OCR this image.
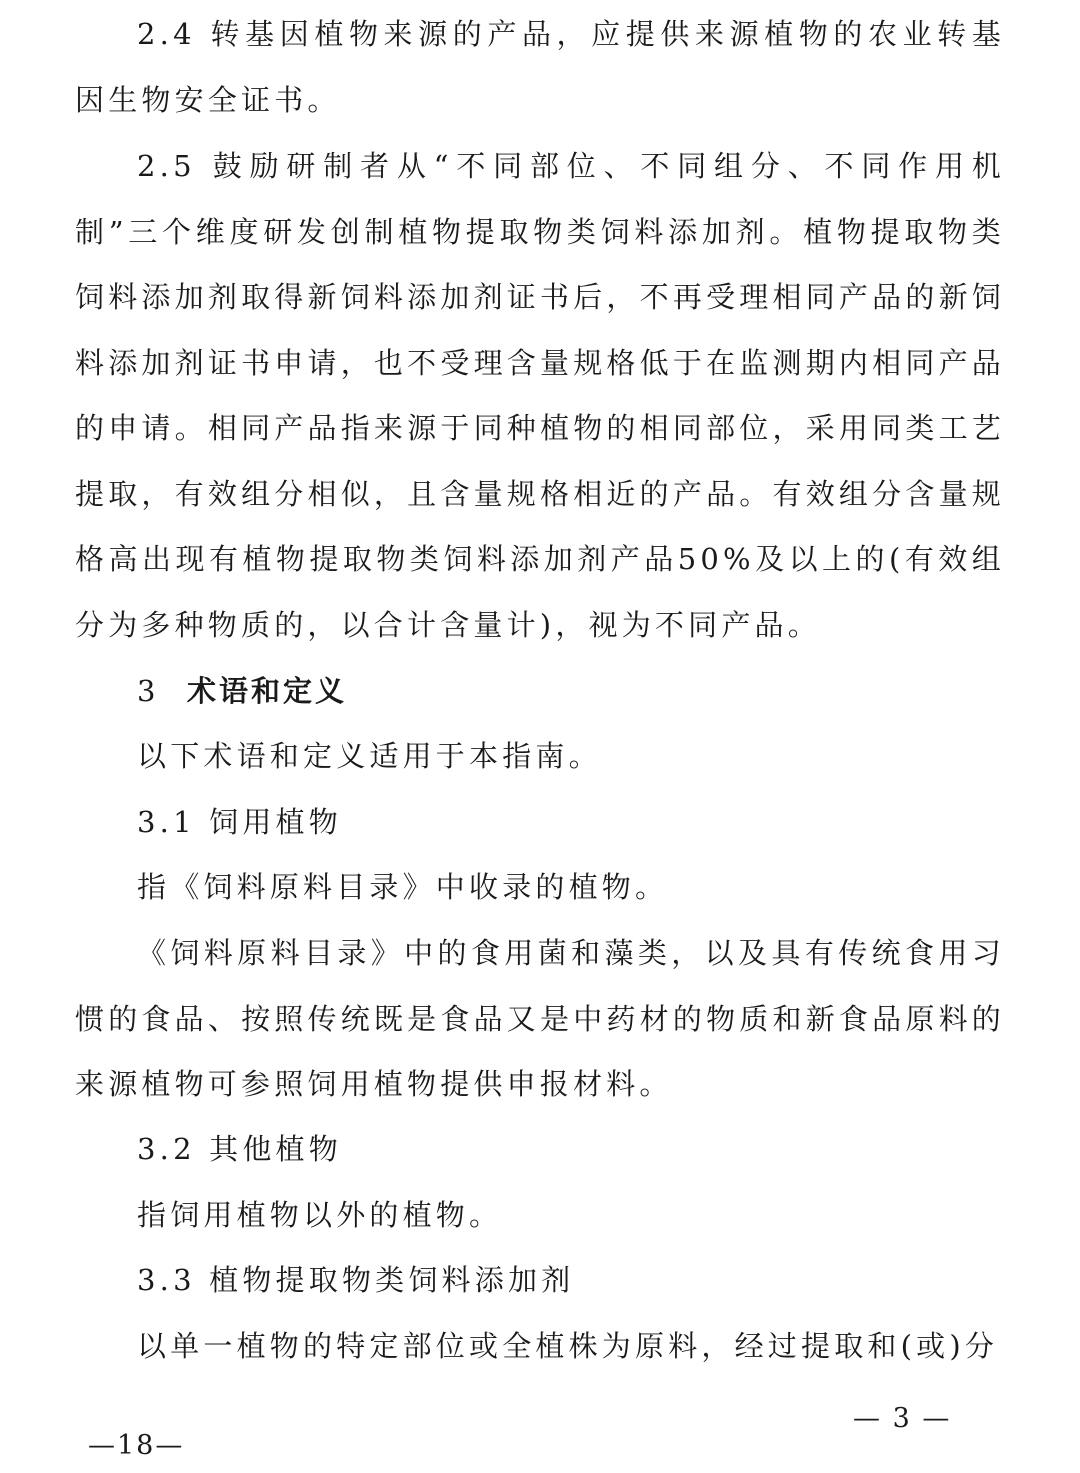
2.4 转基因植物来源的产品，应提供来源植物的农业转基因生物安全证书。

2.5 鼓励研制者从“不同部位、不同组分、不同作用机制”三个维度研发创制植物提取物类饲料添加剂。植物提取物类饲料添加剂取得新饲料添加剂证书后，不再受理相同产品的新饲料添加剂证书申请，也不受理含量规格低于在监测期内相同产品的申请。相同产品指来源于同种植物的相同部位，采用同类工艺提取，有效组分相似，且含量规格相近的产品。有效组分含量规格高出现有植物提取物类饲料添加剂产品50%及以上的(有效组分为多种物质的，以合计含量计)，视为不同产品。

3 术语和定义
以下术语和定义适用于本指南。
3.1 饲用植物
指《饲料原料目录》中收录的植物。

《饲料原料目录》中的食用菌和藻类，以及具有传统食用习惯的食品、按照传统既是食品又是中药材的物质和新食品原料的来源植物可参照饲用植物提供申报材料。

3.2 其他植物
指饲用植物以外的植物。
3.3 植物提取物类饲料添加剂
以单一植物的特定部位或全植株为原料，经过提取和(或)分
— 3 —
—18—
